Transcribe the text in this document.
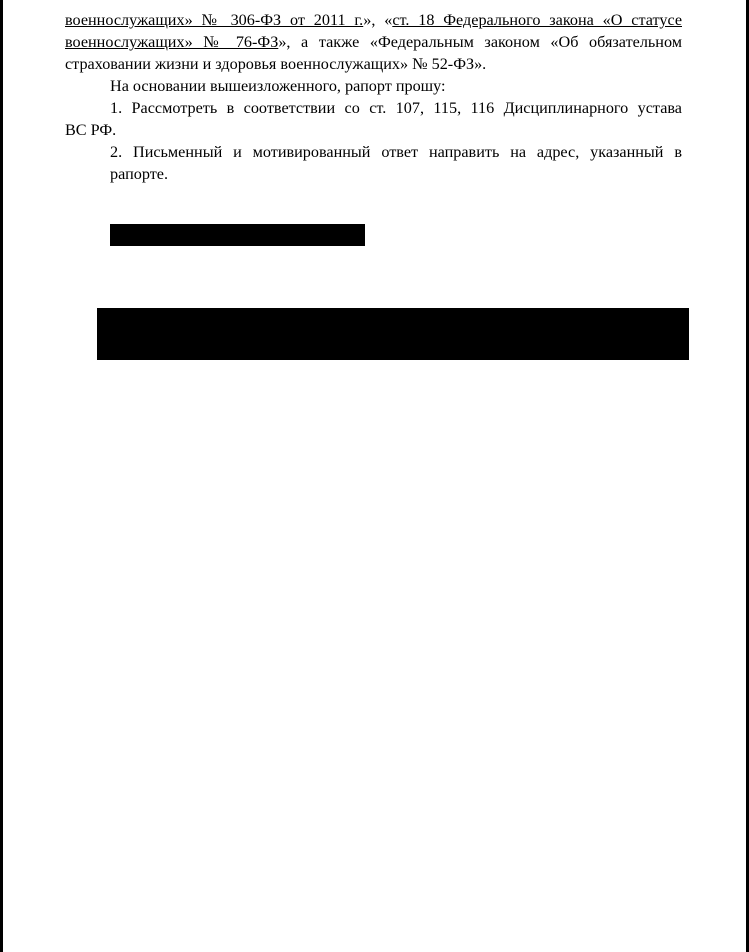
военнослужащих» № 306-ФЗ от 2011 г.», «ст. 18 Федерального закона «О статусе
военнослужащих» № 76-ФЗ», а также «Федеральным законом «Об обязательном
страховании жизни и здоровья военнослужащих» № 52-ФЗ».
На основании вышеизложенного, рапорт прошу:
1. Рассмотреть в соответствии со ст. 107, 115, 116 Дисциплинарного устава
ВС РФ.
2. Письменный и мотивированный ответ направить на адрес, указанный в
рапорте.
